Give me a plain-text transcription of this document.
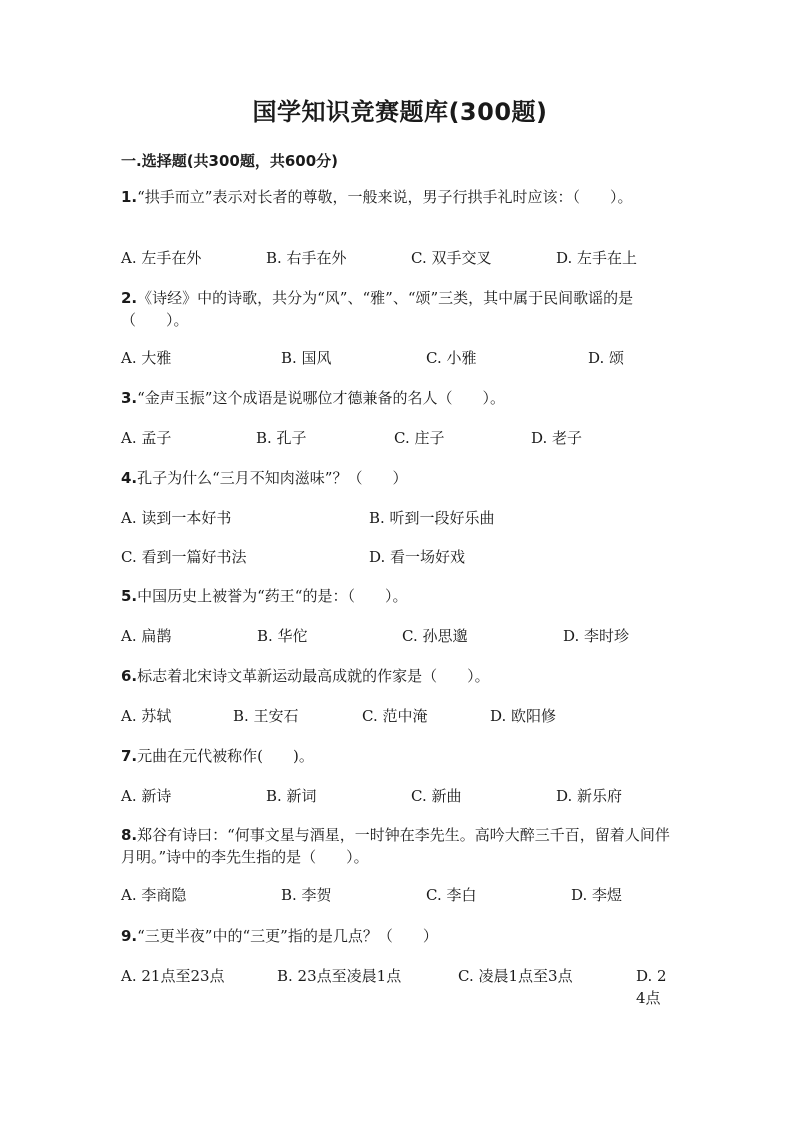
国学知识竞赛题库(300题)
一.选择题(共300题，共600分)
1.“拱手而立”表示对长者的尊敬，一般来说，男子行拱手礼时应该：（　　）。
A. 左手在外	B. 右手在外	C. 双手交叉	D. 左手在上
2.《诗经》中的诗歌，共分为“风”、“雅”、“颂”三类，其中属于民间歌谣的是（　　）。
A. 大雅	B. 国风	C. 小雅	D. 颂
3.“金声玉振”这个成语是说哪位才德兼备的名人（　　）。
A. 孟子	B. 孔子	C. 庄子	D. 老子
4.孔子为什么“三月不知肉滋味”？（　　）
A. 读到一本好书	B. 听到一段好乐曲
C. 看到一篇好书法	D. 看一场好戏
5.中国历史上被誉为“药王“的是：（　　）。
A. 扁鹊	B. 华佗	C. 孙思邈	D. 李时珍
6.标志着北宋诗文革新运动最高成就的作家是（　　）。
A. 苏轼	B. 王安石	C. 范中淹	D. 欧阳修
7.元曲在元代被称作(　　)。
A. 新诗	B. 新词	C. 新曲	D. 新乐府
8.郑谷有诗曰：“何事文星与酒星，一时钟在李先生。高吟大醉三千百，留着人间伴月明。”诗中的李先生指的是（　　）。
A. 李商隐	B. 李贺	C. 李白	D. 李煜
9.“三更半夜”中的“三更”指的是几点？（　　）
A. 21点至23点	B. 23点至凌晨1点	C. 凌晨1点至3点	D. 24点
